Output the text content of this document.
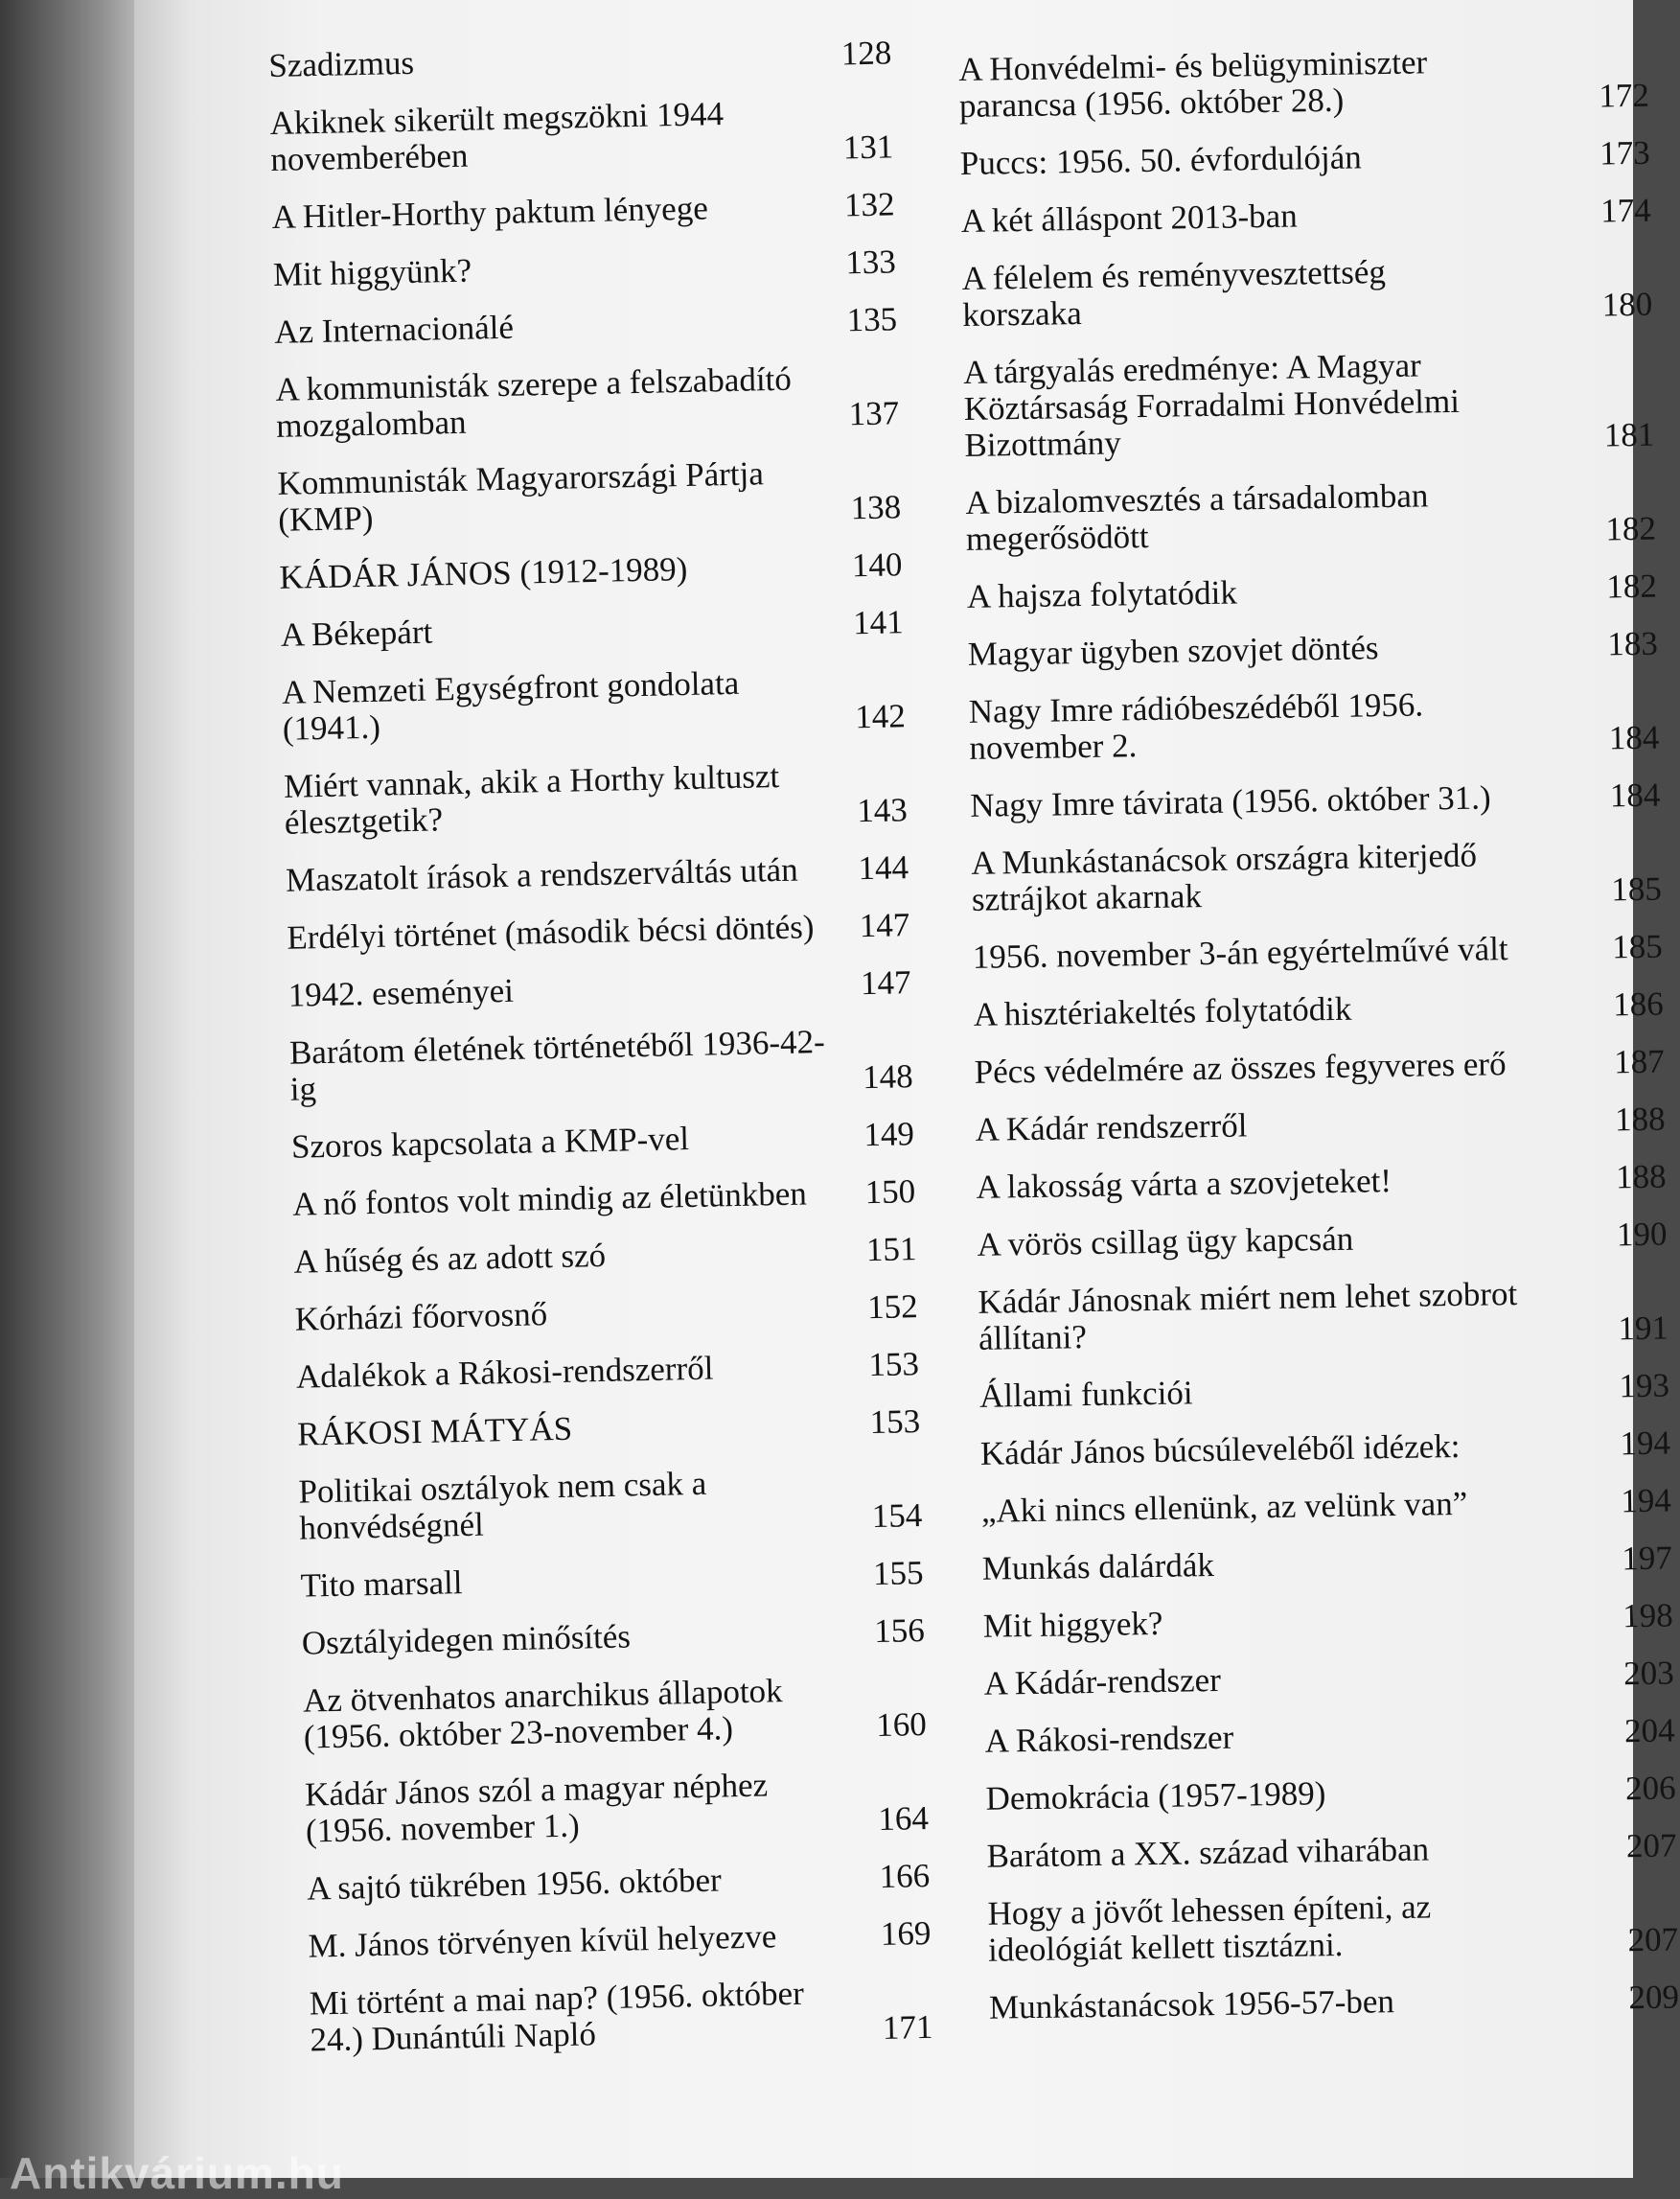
Szadizmus	128
Akiknek sikerült megszökni 1944
novemberében	131
A Hitler-Horthy paktum lényege	132
Mit higgyünk?	133
Az Internacionálé	135
A kommunisták szerepe a felszabadító
mozgalomban	137
Kommunisták Magyarországi Pártja
(KMP)	138
KÁDÁR JÁNOS (1912-1989)	140
A Békepárt	141
A Nemzeti Egységfront gondolata
(1941.)	142
Miért vannak, akik a Horthy kultuszt
élesztgetik?	143
Maszatolt írások a rendszerváltás után	144
Erdélyi történet (második bécsi döntés)	147
1942. eseményei	147
Barátom életének történetéből 1936-42-
ig	148
Szoros kapcsolata a KMP-vel	149
A nő fontos volt mindig az életünkben	150
A hűség és az adott szó	151
Kórházi főorvosnő	152
Adalékok a Rákosi-rendszerről	153
RÁKOSI MÁTYÁS	153
Politikai osztályok nem csak a
honvédségnél	154
Tito marsall	155
Osztályidegen minősítés	156
Az ötvenhatos anarchikus állapotok
(1956. október 23-november 4.)	160
Kádár János szól a magyar néphez
(1956. november 1.)	164
A sajtó tükrében 1956. október	166
M. János törvényen kívül helyezve	169
Mi történt a mai nap? (1956. október
24.) Dunántúli Napló	171
A Honvédelmi- és belügyminiszter
parancsa (1956. október 28.)	172
Puccs: 1956. 50. évfordulóján	173
A két álláspont 2013-ban	174
A félelem és reményvesztettség
korszaka	180
A tárgyalás eredménye: A Magyar
Köztársaság Forradalmi Honvédelmi
Bizottmány	181
A bizalomvesztés a társadalomban
megerősödött	182
A hajsza folytatódik	182
Magyar ügyben szovjet döntés	183
Nagy Imre rádióbeszédéből 1956.
november 2.	184
Nagy Imre távirata (1956. október 31.)	184
A Munkástanácsok országra kiterjedő
sztrájkot akarnak	185
1956. november 3-án egyértelművé vált	185
A hisztériakeltés folytatódik	186
Pécs védelmére az összes fegyveres erő	187
A Kádár rendszerről	188
A lakosság várta a szovjeteket!	188
A vörös csillag ügy kapcsán	190
Kádár Jánosnak miért nem lehet szobrot
állítani?	191
Állami funkciói	193
Kádár János búcsúleveléből idézek:	194
„Aki nincs ellenünk, az velünk van”	194
Munkás dalárdák	197
Mit higgyek?	198
A Kádár-rendszer	203
A Rákosi-rendszer	204
Demokrácia (1957-1989)	206
Barátom a XX. század viharában	207
Hogy a jövőt lehessen építeni, az
ideológiát kellett tisztázni.	207
Munkástanácsok 1956-57-ben	209
Antikvárium.hu
